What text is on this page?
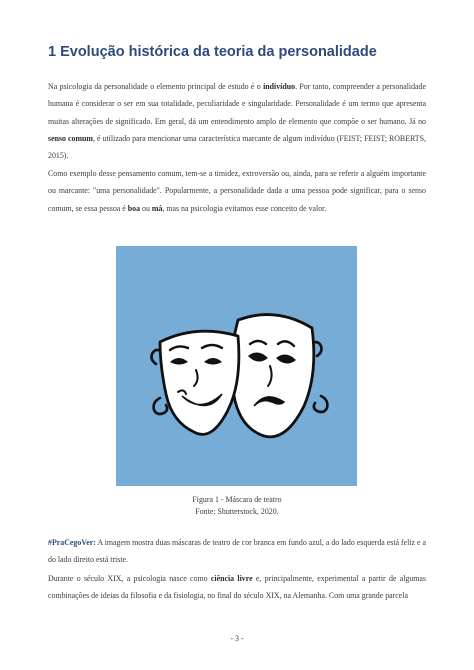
1 Evolução histórica da teoria da personalidade

Na psicologia da personalidade o elemento principal de estudo é o indivíduo. Por tanto, compreender a personalidade humana é considerar o ser em sua totalidade, peculiaridade e singularidade. Personalidade é um termo que apresenta muitas alterações de significado. Em geral, dá um entendimento amplo de elemento que compõe o ser humano. Já no senso comum, é utilizado para mencionar uma característica marcante de algum indivíduo (FEIST; FEIST; ROBERTS, 2015).

Como exemplo desse pensamento comum, tem-se a timidez, extroversão ou, ainda, para se referir a alguém importante ou marcante: "uma personalidade". Popularmente, a personalidade dada a uma pessoa pode significar, para o senso comum, se essa pessoa é boa ou má, mas na psicologia evitamos esse conceito de valor.

Figura 1 - Máscara de teatro

Fonte: Shutterstock, 2020.

#PraCegoVer: A imagem mostra duas máscaras de teatro de cor branca em fundo azul, a do lado esquerda está feliz e a do lado direito está triste.

Durante o século XIX, a psicologia nasce como ciência livre e, principalmente, experimental a partir de algumas combinações de ideias da filosofia e da fisiologia, no final do século XIX, na Alemanha. Com uma grande parcela

- 3 -
